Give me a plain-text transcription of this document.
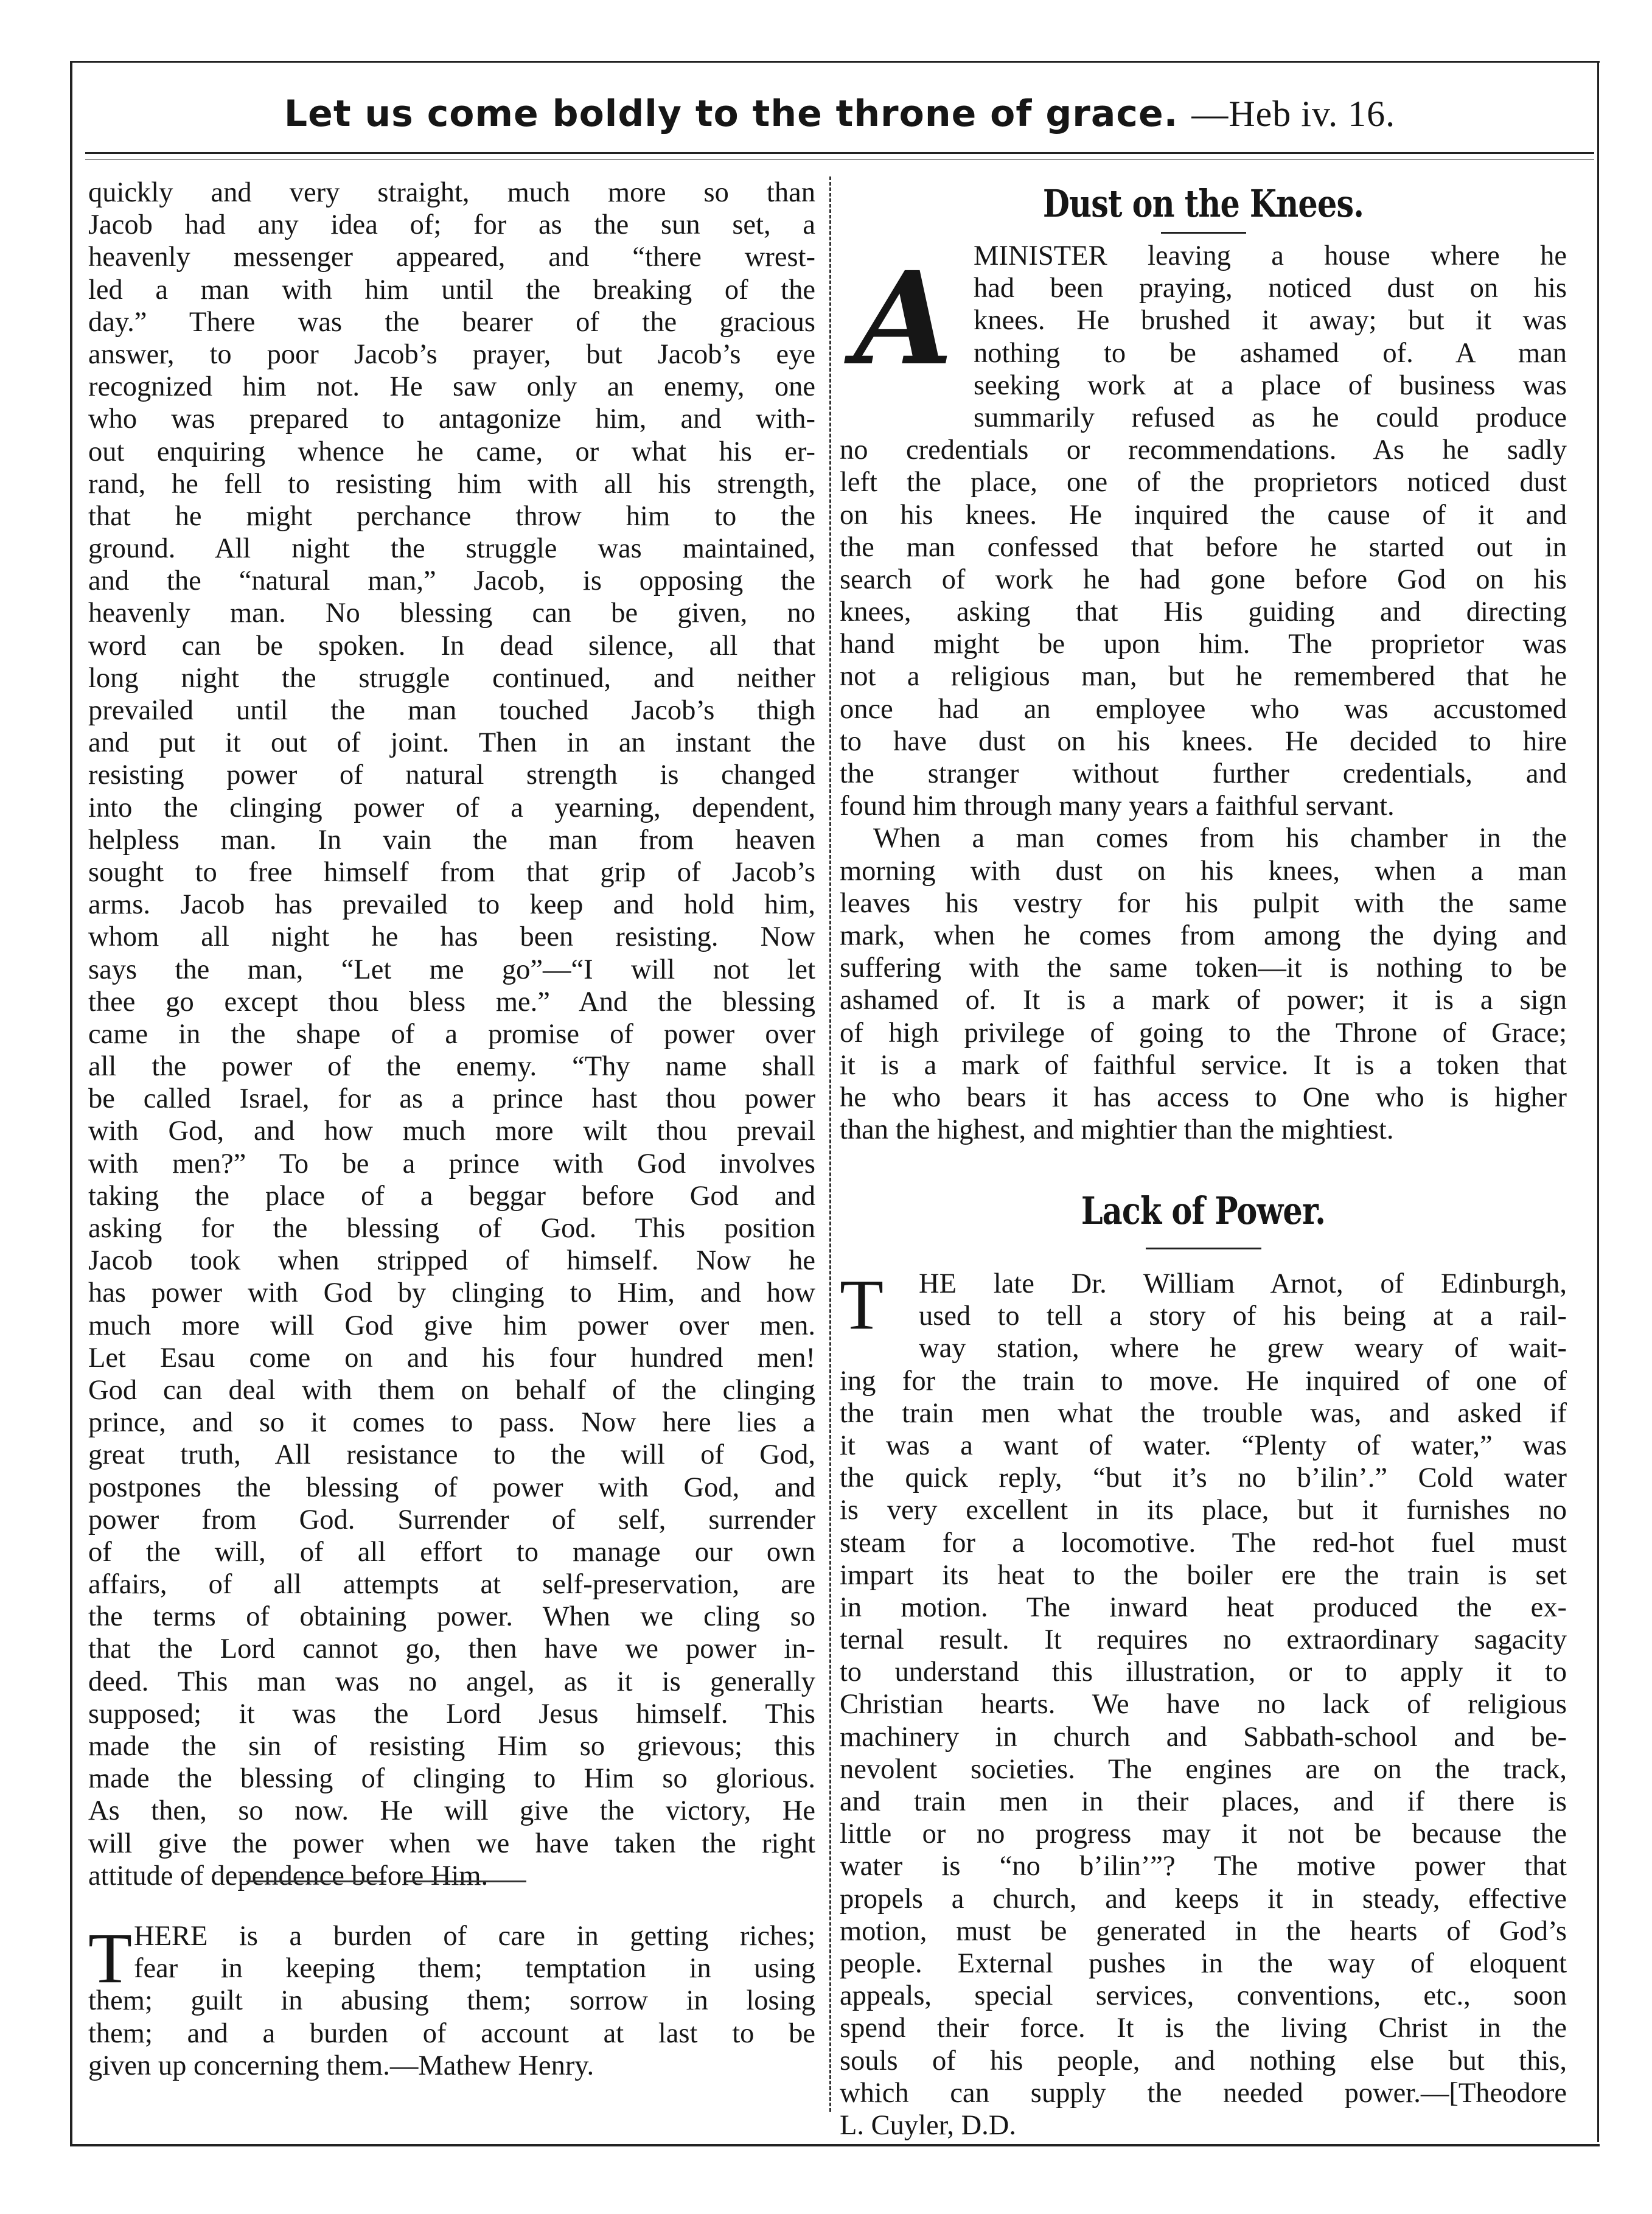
Let us come boldly to the throne of grace. —Heb iv. 16.
quickly and very straight, much more so than
Jacob had any idea of; for as the sun set, a
heavenly messenger appeared, and “there wrest-
led a man with him until the breaking of the
day.” There was the bearer of the gracious
answer, to poor Jacob’s prayer, but Jacob’s eye
recognized him not. He saw only an enemy, one
who was prepared to antagonize him, and with-
out enquiring whence he came, or what his er-
rand, he fell to resisting him with all his strength,
that he might perchance throw him to the
ground. All night the struggle was maintained,
and the “natural man,” Jacob, is opposing the
heavenly man. No blessing can be given, no
word can be spoken. In dead silence, all that
long night the struggle continued, and neither
prevailed until the man touched Jacob’s thigh
and put it out of joint. Then in an instant the
resisting power of natural strength is changed
into the clinging power of a yearning, dependent,
helpless man. In vain the man from heaven
sought to free himself from that grip of Jacob’s
arms. Jacob has prevailed to keep and hold him,
whom all night he has been resisting. Now
says the man, “Let me go”—“I will not let
thee go except thou bless me.” And the blessing
came in the shape of a promise of power over
all the power of the enemy. “Thy name shall
be called Israel, for as a prince hast thou power
with God, and how much more wilt thou prevail
with men?” To be a prince with God involves
taking the place of a beggar before God and
asking for the blessing of God. This position
Jacob took when stripped of himself. Now he
has power with God by clinging to Him, and how
much more will God give him power over men.
Let Esau come on and his four hundred men!
God can deal with them on behalf of the clinging
prince, and so it comes to pass. Now here lies a
great truth, All resistance to the will of God,
postpones the blessing of power with God, and
power from God. Surrender of self, surrender
of the will, of all effort to manage our own
affairs, of all attempts at self-preservation, are
the terms of obtaining power. When we cling so
that the Lord cannot go, then have we power in-
deed. This man was no angel, as it is generally
supposed; it was the Lord Jesus himself. This
made the sin of resisting Him so grievous; this
made the blessing of clinging to Him so glorious.
As then, so now. He will give the victory, He
will give the power when we have taken the right
attitude of dependence before Him.
T HERE is a burden of care in getting riches;
fear in keeping them; temptation in using
them; guilt in abusing them; sorrow in losing
them; and a burden of account at last to be
given up concerning them.—Mathew Henry.
Dust on the Knees.
A MINISTER leaving a house where he
had been praying, noticed dust on his
knees. He brushed it away; but it was
nothing to be ashamed of. A man
seeking work at a place of business was
summarily refused as he could produce
no credentials or recommendations. As he sadly
left the place, one of the proprietors noticed dust
on his knees. He inquired the cause of it and
the man confessed that before he started out in
search of work he had gone before God on his
knees, asking that His guiding and directing
hand might be upon him. The proprietor was
not a religious man, but he remembered that he
once had an employee who was accustomed
to have dust on his knees. He decided to hire
the stranger without further credentials, and
found him through many years a faithful servant.
When a man comes from his chamber in the
morning with dust on his knees, when a man
leaves his vestry for his pulpit with the same
mark, when he comes from among the dying and
suffering with the same token—it is nothing to be
ashamed of. It is a mark of power; it is a sign
of high privilege of going to the Throne of Grace;
it is a mark of faithful service. It is a token that
he who bears it has access to One who is higher
than the highest, and mightier than the mightiest.
Lack of Power.
T	HE late Dr. William Arnot, of Edinburgh,
used to tell a story of his being at a rail-
way station, where he grew weary of wait-
ing for the train to move. He inquired of one of
the train men what the trouble was, and asked if
it was a want of water. “Plenty of water,” was
the quick reply, “but it’s no b’ilin’.” Cold water
is very excellent in its place, but it furnishes no
steam for a locomotive. The red-hot fuel must
impart its heat to the boiler ere the train is set
in motion. The inward heat produced the ex-
ternal result. It requires no extraordinary sagacity
to understand this illustration, or to apply it to
Christian hearts. We have no lack of religious
machinery in church and Sabbath-school and be-
nevolent societies. The engines are on the track,
and train men in their places, and if there is
little or no progress may it not be because the
water is “no b’ilin’”? The motive power that
propels a church, and keeps it in steady, effective
motion, must be generated in the hearts of God’s
people. External pushes in the way of eloquent
appeals, special services, conventions, etc., soon
spend their force. It is the living Christ in the
souls of his people, and nothing else but this,
which can supply the needed power.—[Theodore
L. Cuyler, D.D.
